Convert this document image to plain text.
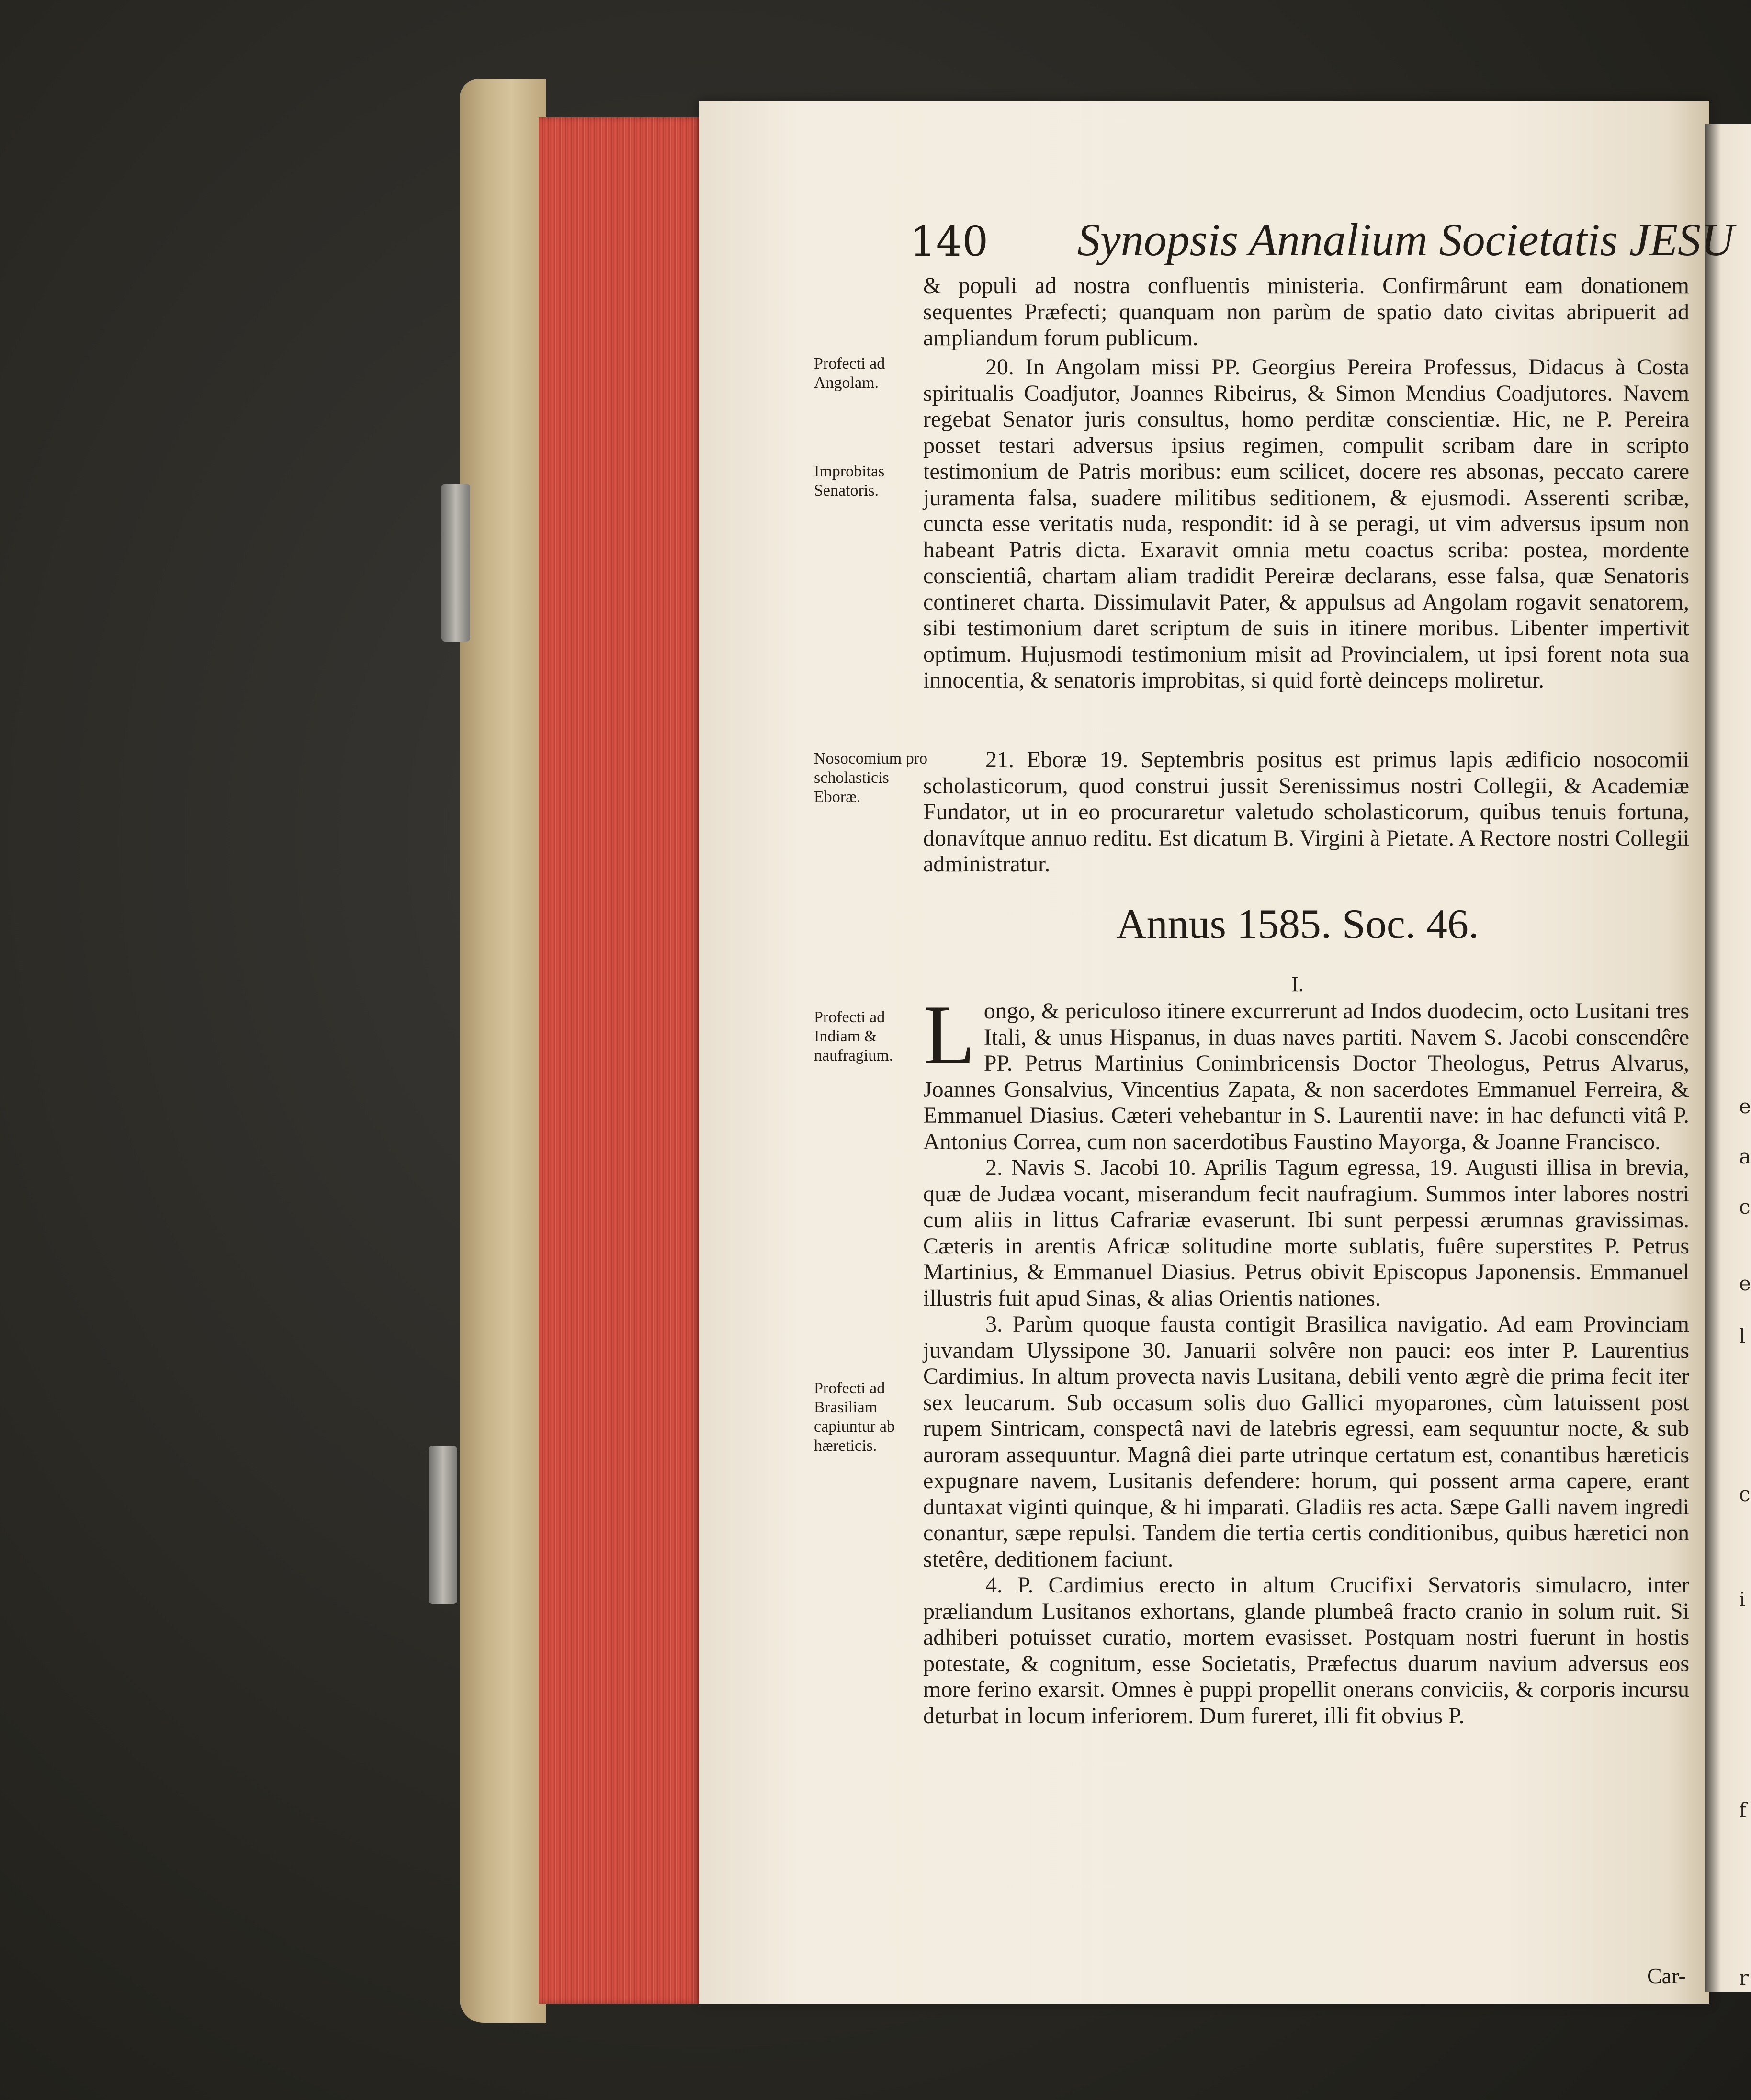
e
a
c
e
l
c
i
f
r
140 Synopsis Annalium Societatis JESU
Profecti ad Angolam.
Improbitas Senatoris.
Nosocomium pro scholasticis Eboræ.
Profecti ad Indiam & naufragium.
Profecti ad Brasiliam capiuntur ab hæreticis.

& populi ad nostra confluentis ministeria. Confirmârunt eam donationem sequentes Præfecti; quanquam non parùm de spatio dato civitas abripuerit ad ampliandum forum publicum.

20. In Angolam missi PP. Georgius Pereira Professus, Didacus à Costa spiritualis Coadjutor, Joannes Ribeirus, & Simon Mendius Coadjutores. Navem regebat Senator juris consultus, homo perditæ conscientiæ. Hic, ne P. Pereira posset testari adversus ipsius regimen, compulit scribam dare in scripto testimonium de Patris moribus: eum scilicet, docere res absonas, peccato carere juramenta falsa, suadere militibus seditionem, & ejusmodi. Asserenti scribæ, cuncta esse veritatis nuda, respondit: id à se peragi, ut vim adversus ipsum non habeant Patris dicta. Exaravit omnia metu coactus scriba: postea, mordente conscientiâ, chartam aliam tradidit Pereiræ declarans, esse falsa, quæ Senatoris contineret charta. Dissimulavit Pater, & appulsus ad Angolam rogavit senatorem, sibi testimonium daret scriptum de suis in itinere moribus. Libenter impertivit optimum. Hujusmodi testimonium misit ad Provincialem, ut ipsi forent nota sua innocentia, & senatoris improbitas, si quid fortè deinceps moliretur.

21. Eboræ 19. Septembris positus est primus lapis ædificio nosocomii scholasticorum, quod construi jussit Serenissimus nostri Collegii, & Academiæ Fundator, ut in eo procuraretur valetudo scholasticorum, quibus tenuis fortuna, donavítque annuo reditu. Est dicatum B. Virgini à Pietate. A Rectore nostri Collegii administratur.

Annus 1585. Soc. 46.
I.

Longo, & periculoso itinere excurrerunt ad Indos duodecim, octo Lusitani tres Itali, & unus Hispanus, in duas naves partiti. Navem S. Jacobi conscendêre PP. Petrus Martinius Conimbricensis Doctor Theologus, Petrus Alvarus, Joannes Gonsalvius, Vincentius Zapata, & non sacerdotes Emmanuel Ferreira, & Emmanuel Diasius. Cæteri vehebantur in S. Laurentii nave: in hac defuncti vitâ P. Antonius Correa, cum non sacerdotibus Faustino Mayorga, & Joanne Francisco.

2. Navis S. Jacobi 10. Aprilis Tagum egressa, 19. Augusti illisa in brevia, quæ de Judæa vocant, miserandum fecit naufragium. Summos inter labores nostri cum aliis in littus Cafrariæ evaserunt. Ibi sunt perpessi ærumnas gravissimas. Cæteris in arentis Africæ solitudine morte sublatis, fuêre superstites P. Petrus Martinius, & Emmanuel Diasius. Petrus obivit Episcopus Japonensis. Emmanuel illustris fuit apud Sinas, & alias Orientis nationes.

3. Parùm quoque fausta contigit Brasilica navigatio. Ad eam Provinciam juvandam Ulyssipone 30. Januarii solvêre non pauci: eos inter P. Laurentius Cardimius. In altum provecta navis Lusitana, debili vento ægrè die prima fecit iter sex leucarum. Sub occasum solis duo Gallici myoparones, cùm latuissent post rupem Sintricam, conspectâ navi de latebris egressi, eam sequuntur nocte, & sub auroram assequuntur. Magnâ diei parte utrinque certatum est, conantibus hæreticis expugnare navem, Lusitanis defendere: horum, qui possent arma capere, erant duntaxat viginti quinque, & hi imparati. Gladiis res acta. Sæpe Galli navem ingredi conantur, sæpe repulsi. Tandem die tertia certis conditionibus, quibus hæretici non stetêre, deditionem faciunt.

4. P. Cardimius erecto in altum Crucifixi Servatoris simulacro, inter præliandum Lusitanos exhortans, glande plumbeâ fracto cranio in solum ruit. Si adhiberi potuisset curatio, mortem evasisset. Postquam nostri fuerunt in hostis potestate, & cognitum, esse Societatis, Præfectus duarum navium adversus eos more ferino exarsit. Omnes è puppi propellit onerans conviciis, & corporis incursu deturbat in locum inferiorem. Dum fureret, illi fit obvius P.

Car-
